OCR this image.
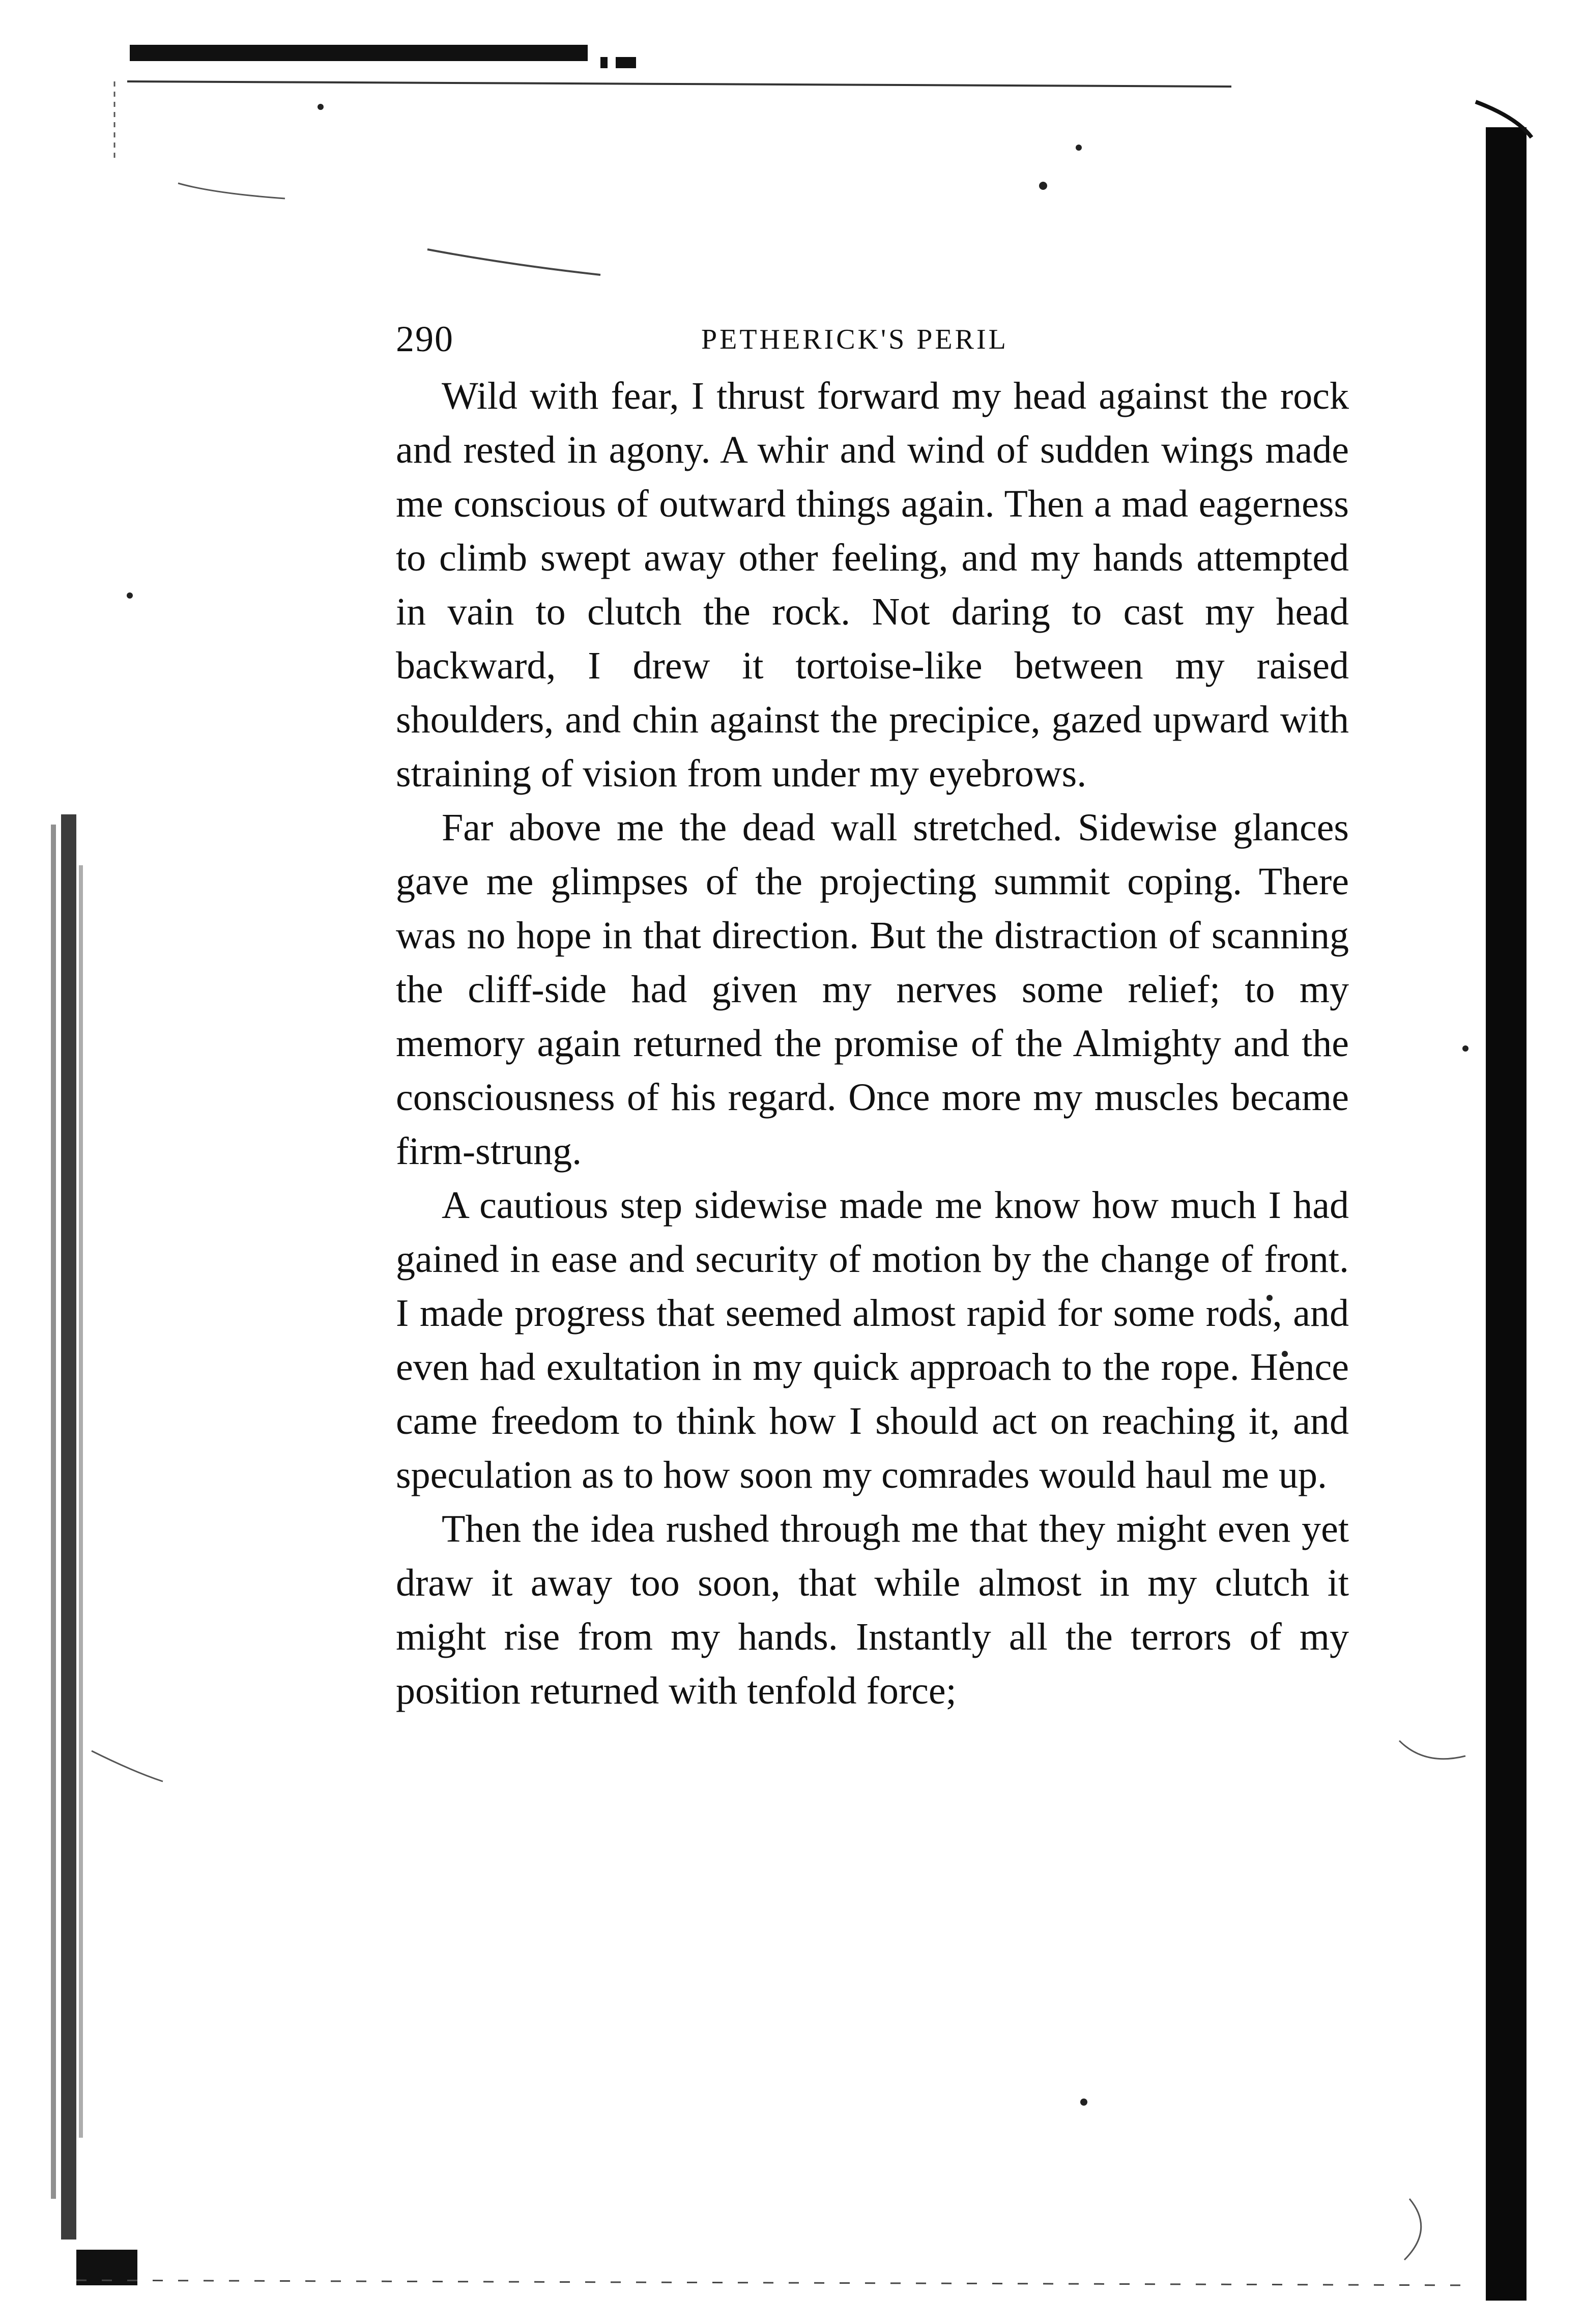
290	PETHERICK'S PERIL

Wild with fear, I thrust forward my head against the rock and rested in agony. A whir and wind of sudden wings made me conscious of outward things again. Then a mad eagerness to climb swept away other feeling, and my hands attempted in vain to clutch the rock. Not daring to cast my head backward, I drew it tortoise-like between my raised shoulders, and chin against the precipice, gazed upward with straining of vision from under my eyebrows.

Far above me the dead wall stretched. Sidewise glances gave me glimpses of the projecting summit coping. There was no hope in that direction. But the distraction of scanning the cliff-side had given my nerves some relief; to my memory again returned the promise of the Almighty and the consciousness of his regard. Once more my muscles became firm-strung.

A cautious step sidewise made me know how much I had gained in ease and security of motion by the change of front. I made progress that seemed almost rapid for some rods, and even had exultation in my quick approach to the rope. Hence came freedom to think how I should act on reaching it, and speculation as to how soon my comrades would haul me up.

Then the idea rushed through me that they might even yet draw it away too soon, that while almost in my clutch it might rise from my hands. Instantly all the terrors of my position returned with tenfold force;
